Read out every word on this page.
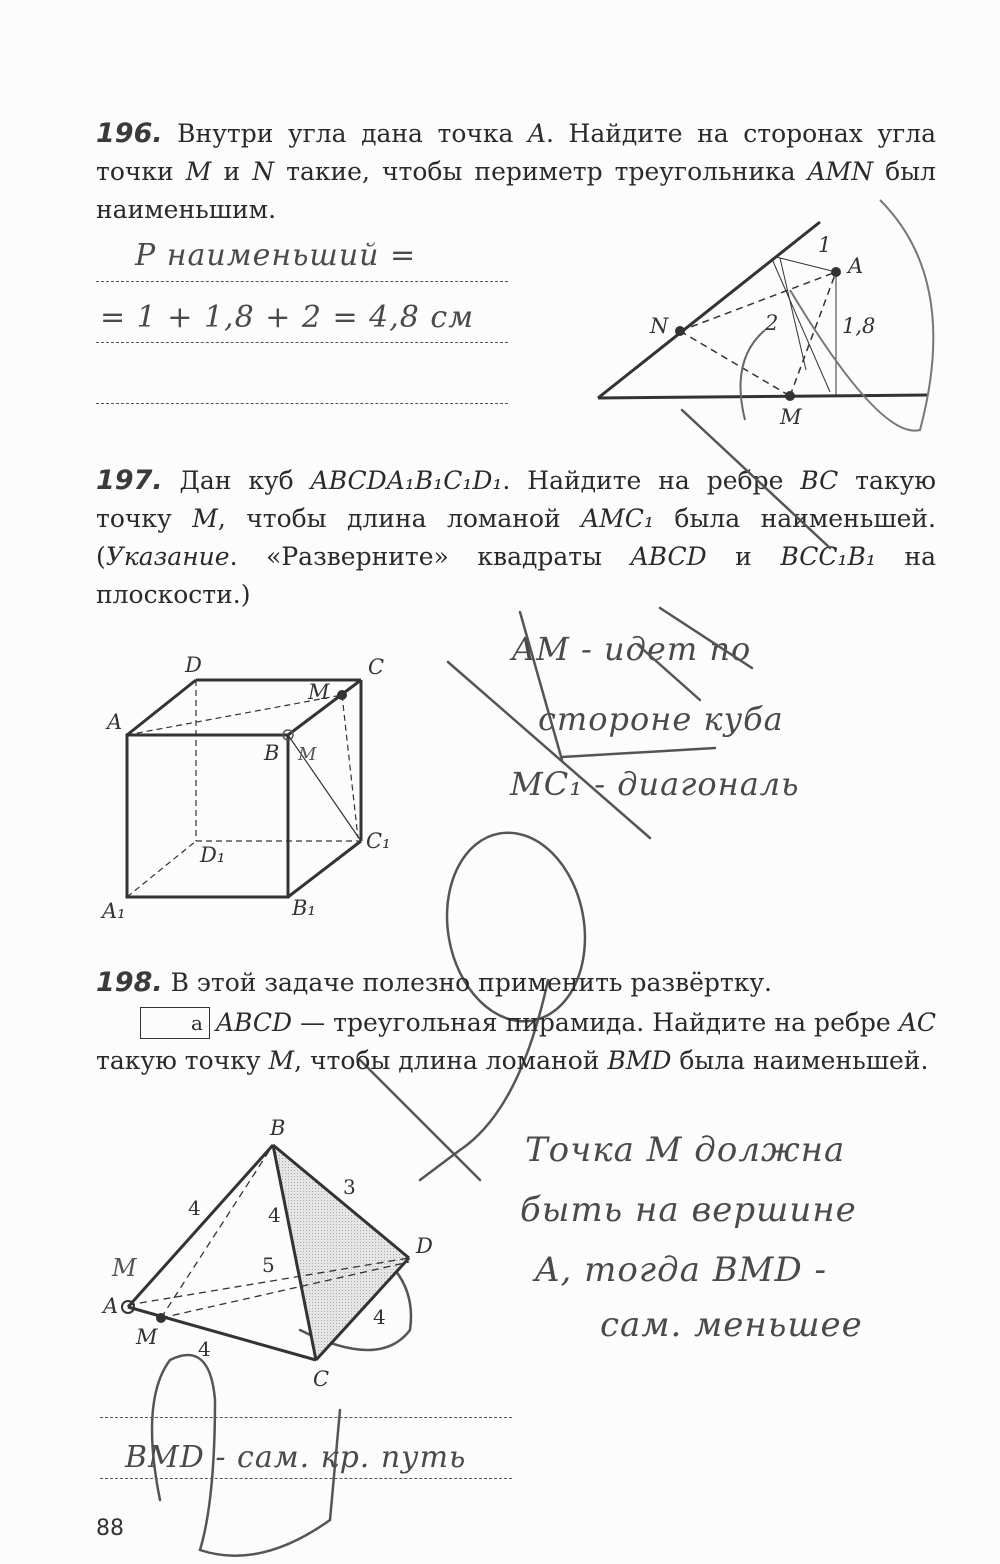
196. Внутри угла дана точка A. Найдите на сторонах угла точки M и N такие, чтобы периметр треугольника AMN был наименьшим.
P наименьший =
= 1 + 1,8 + 2 = 4,8 см
A
N
M
1
2	1,8
197. Дан куб ABCDA₁B₁C₁D₁. Найдите на ребре BC такую точку M, чтобы длина ломаной AMC₁ была наименьшей. (Указание. «Разверните» квадраты ABCD и BCC₁B₁ на плоскости.)
D	C
A
B
M
C₁
D₁
A₁	B₁
M
AM - идет по
стороне куба
MC₁ - диагональ
198. В этой задаче полезно применить развёртку.
а ABCD — треугольная пирамида. Найдите на ребре AC такую точку M, чтобы длина ломаной BMD была наименьшей.
B
D
A
M
C
4	4
3
5
4
4
M
Точка M должна
быть на вершине
A, тогда BMD -
сам. меньшее
BMD - сам. кр. путь
88
